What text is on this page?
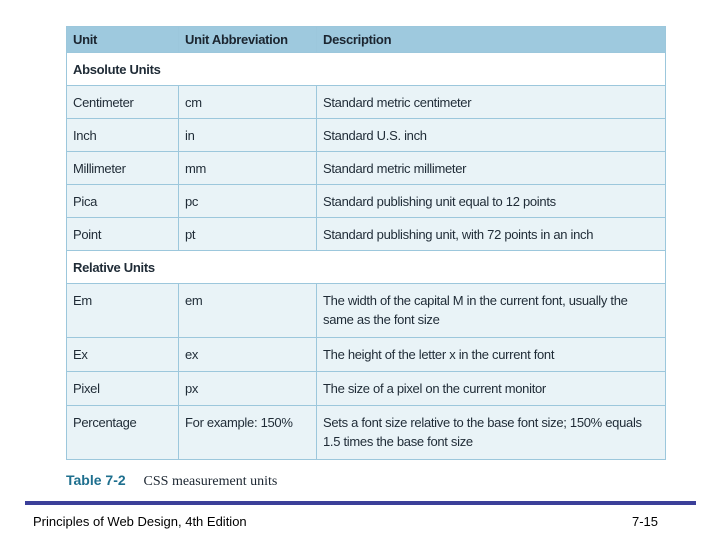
Unit	Unit Abbreviation	Description
Absolute Units		
Centimeter	cm	Standard metric centimeter
Inch	in	Standard U.S. inch
Millimeter	mm	Standard metric millimeter
Pica	pc	Standard publishing unit equal to 12 points
Point	pt	Standard publishing unit, with 72 points in an inch
Relative Units		
Em	em	The width of the capital M in the current font, usually the same as the font size
Ex	ex	The height of the letter x in the current font
Pixel	px	The size of a pixel on the current monitor
Percentage	For example: 150%	Sets a font size relative to the base font size; 150% equals 1.5 times the base font size
Table 7-2 CSS measurement units
Principles of Web Design, 4th Edition	7-15
